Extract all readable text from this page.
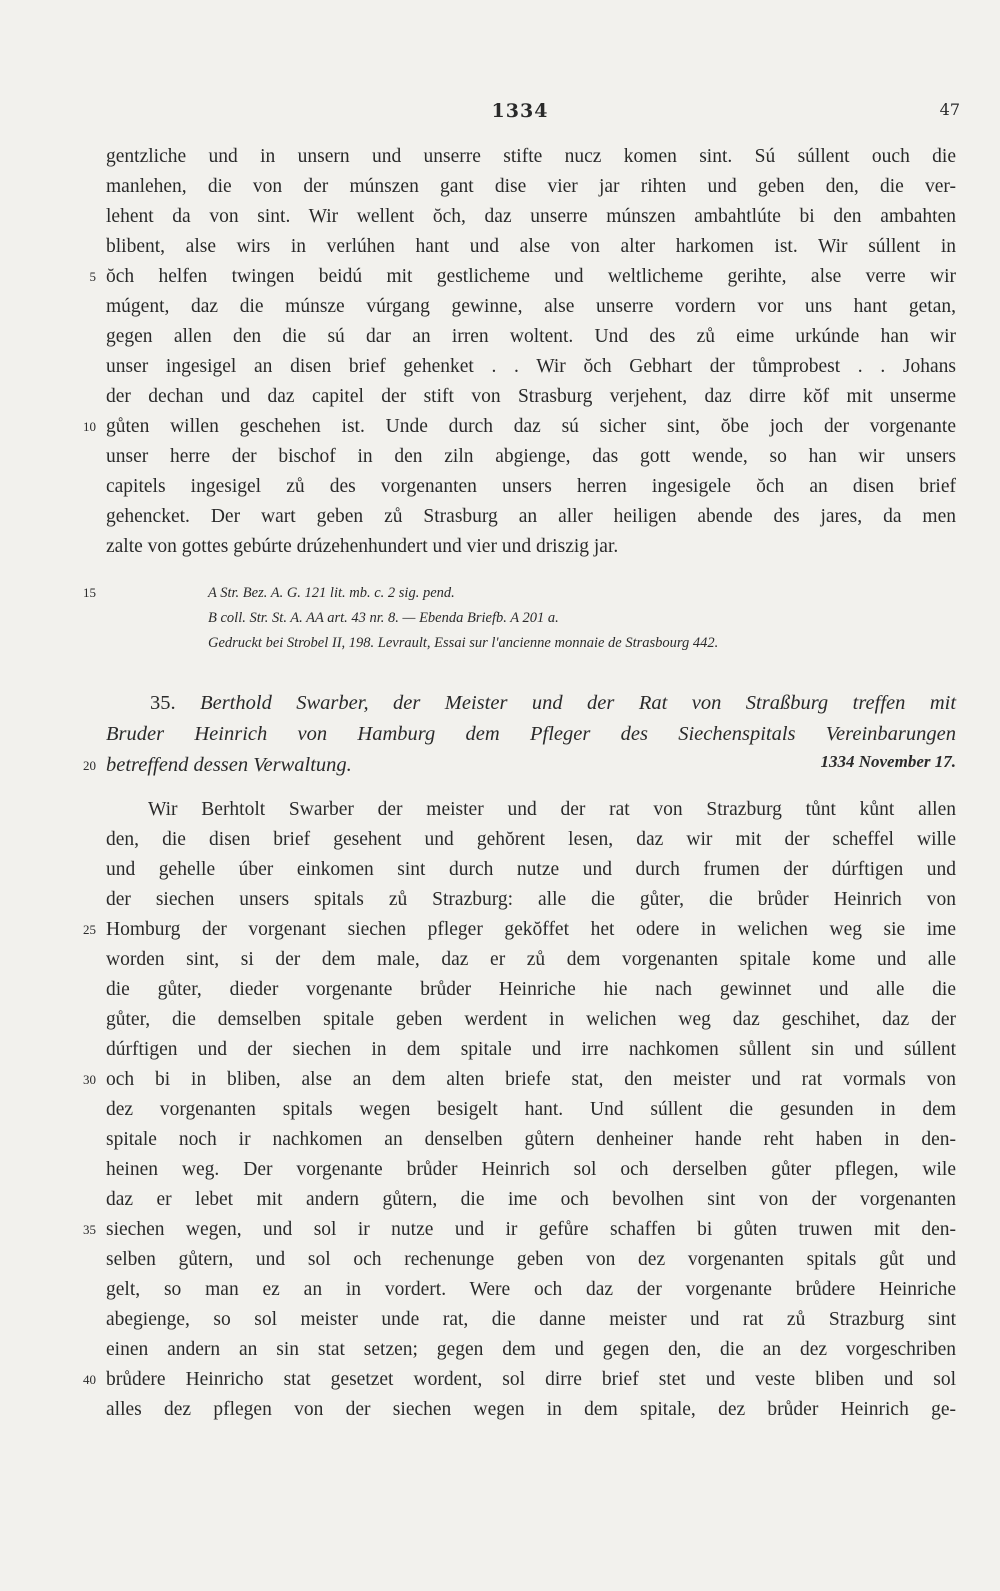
1334	47
gentzliche und in unsern und unserre stifte nucz komen sint. Sú súllent ouch die
manlehen, die von der múnszen gant dise vier jar rihten und geben den, die ver-
lehent da von sint. Wir wellent ŏch, daz unserre múnszen ambahtlúte bi den ambahten
blibent, alse wirs in verlúhen hant und alse von alter harkomen ist. Wir súllent in
ŏch helfen twingen beidú mit gestlicheme und weltlicheme gerihte, alse verre wir
múgent, daz die múnsze vúrgang gewinne, alse unserre vordern vor uns hant getan,
gegen allen den die sú dar an irren woltent. Und des zů eime urkúnde han wir
unser ingesigel an disen brief gehenket . . Wir ŏch Gebhart der tůmprobest . . Johans
der dechan und daz capitel der stift von Strasburg verjehent, daz dirre kŏf mit unserme
gůten willen geschehen ist. Unde durch daz sú sicher sint, ŏbe joch der vorgenante
unser herre der bischof in den ziln abgienge, das gott wende, so han wir unsers
capitels ingesigel zů des vorgenanten unsers herren ingesigele ŏch an disen brief
gehencket. Der wart geben zů Strasburg an aller heiligen abende des jares, da men
zalte von gottes gebúrte drúzehenhundert und vier und driszig jar.
5
10
15	A Str. Bez. A. G. 121 lit. mb. c. 2 sig. pend.
B coll. Str. St. A. AA art. 43 nr. 8. — Ebenda Briefb. A 201 a.
Gedruckt bei Strobel II, 198. Levrault, Essai sur l'ancienne monnaie de Strasbourg 442.
35. Berthold Swarber, der Meister und der Rat von Straßburg treffen mit
Bruder Heinrich von Hamburg dem Pfleger des Siechenspitals Vereinbarungen
betreffend dessen Verwaltung.	1334 November 17.
20
Wir Berhtolt Swarber der meister und der rat von Strazburg tůnt kůnt allen
den, die disen brief gesehent und gehŏrent lesen, daz wir mit der scheffel wille
und gehelle úber einkomen sint durch nutze und durch frumen der dúrftigen und
der siechen unsers spitals zů Strazburg: alle die gůter, die brůder Heinrich von
Homburg der vorgenant siechen pfleger gekŏffet het odere in welichen weg sie ime
worden sint, si der dem male, daz er zů dem vorgenanten spitale kome und alle
die gůter, dieder vorgenante brůder Heinriche hie nach gewinnet und alle die
gůter, die demselben spitale geben werdent in welichen weg daz geschihet, daz der
dúrftigen und der siechen in dem spitale und irre nachkomen sůllent sin und súllent
och bi in bliben, alse an dem alten briefe stat, den meister und rat vormals von
dez vorgenanten spitals wegen besigelt hant. Und súllent die gesunden in dem
spitale noch ir nachkomen an denselben gůtern denheiner hande reht haben in den-
heinen weg. Der vorgenante brůder Heinrich sol och derselben gůter pflegen, wile
daz er lebet mit andern gůtern, die ime och bevolhen sint von der vorgenanten
siechen wegen, und sol ir nutze und ir gefůre schaffen bi gůten truwen mit den-
selben gůtern, und sol och rechenunge geben von dez vorgenanten spitals gůt und
gelt, so man ez an in vordert. Were och daz der vorgenante brůdere Heinriche
abegienge, so sol meister unde rat, die danne meister und rat zů Strazburg sint
einen andern an sin stat setzen; gegen dem und gegen den, die an dez vorgeschriben
brůdere Heinricho stat gesetzet wordent, sol dirre brief stet und veste bliben und sol
alles dez pflegen von der siechen wegen in dem spitale, dez brůder Heinrich ge-
25
30
35
40
